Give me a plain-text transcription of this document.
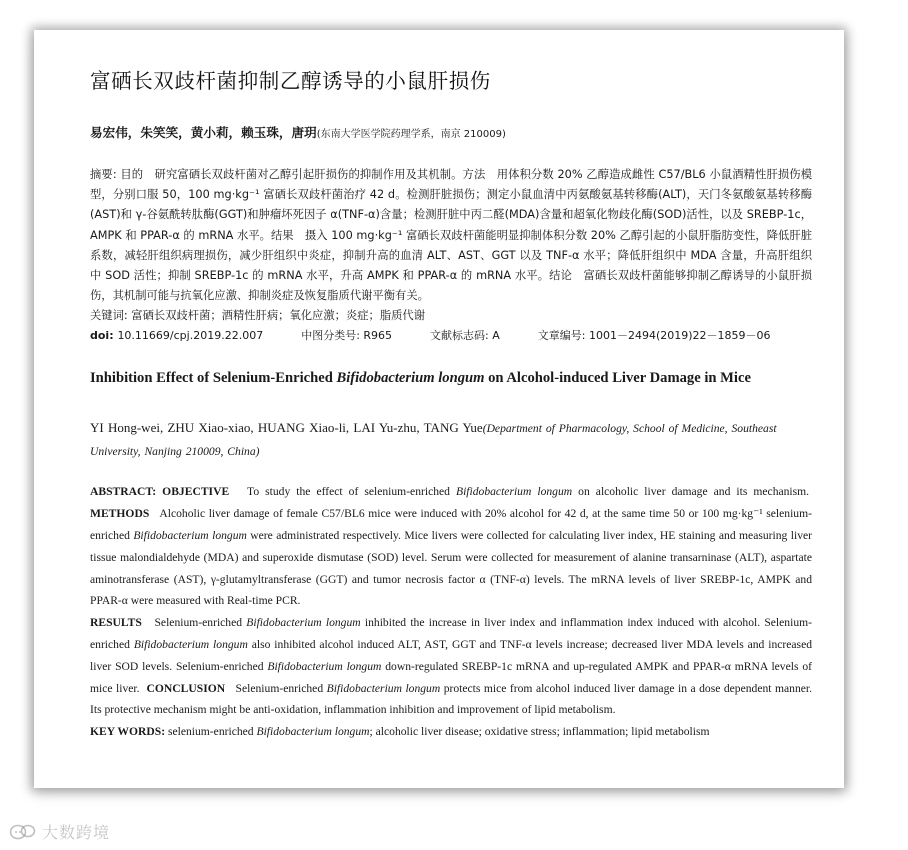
富硒长双歧杆菌抑制乙醇诱导的小鼠肝损伤

易宏伟，朱笑笑，黄小莉，赖玉珠，唐玥(东南大学医学院药理学系，南京 210009)

摘要: 目的　研究富硒长双歧杆菌对乙醇引起肝损伤的抑制作用及其机制。方法　用体积分数 20% 乙醇造成雌性 C57/BL6 小鼠酒精性肝损伤模型，分别口服 50，100 mg·kg⁻¹ 富硒长双歧杆菌治疗 42 d。检测肝脏损伤；测定小鼠血清中丙氨酸氨基转移酶(ALT)，天门冬氨酸氨基转移酶(AST)和 γ-谷氨酰转肽酶(GGT)和肿瘤坏死因子 α(TNF-α)含量；检测肝脏中丙二醛(MDA)含量和超氧化物歧化酶(SOD)活性，以及 SREBP-1c，AMPK 和 PPAR-α 的 mRNA 水平。结果　摄入 100 mg·kg⁻¹ 富硒长双歧杆菌能明显抑制体积分数 20% 乙醇引起的小鼠肝脂肪变性，降低肝脏系数，减轻肝组织病理损伤，减少肝组织中炎症，抑制升高的血清 ALT、AST、GGT 以及 TNF-α 水平；降低肝组织中 MDA 含量，升高肝组织中 SOD 活性；抑制 SREBP-1c 的 mRNA 水平，升高 AMPK 和 PPAR-α 的 mRNA 水平。结论　富硒长双歧杆菌能够抑制乙醇诱导的小鼠肝损伤，其机制可能与抗氧化应激、抑制炎症及恢复脂质代谢平衡有关。

关键词: 富硒长双歧杆菌；酒精性肝病；氧化应激；炎症；脂质代谢

doi: 10.11669/cpj.2019.22.007	中图分类号: R965	文献标志码: A	文章编号: 1001－2494(2019)22－1859－06

Inhibition Effect of Selenium-Enriched Bifidobacterium longum on Alcohol-induced Liver Damage in Mice

YI Hong-wei, ZHU Xiao-xiao, HUANG Xiao-li, LAI Yu-zhu, TANG Yue(Department of Pharmacology, School of Medicine, Southeast University, Nanjing 210009, China)

ABSTRACT: OBJECTIVE To study the effect of selenium-enriched Bifidobacterium longum on alcoholic liver damage and its mechanism.  METHODS Alcoholic liver damage of female C57/BL6 mice were induced with 20% alcohol for 42 d, at the same time 50 or 100 mg·kg⁻¹ selenium-enriched Bifidobacterium longum were administrated respectively. Mice livers were collected for calculating liver index, HE staining and measuring liver tissue malondialdehyde (MDA) and superoxide dismutase (SOD) level. Serum were collected for measurement of alanine transarninase (ALT), aspartate aminotransferase (AST), γ-glutamyltransferase (GGT) and tumor necrosis factor α (TNF-α) levels. The mRNA levels of liver SREBP-1c, AMPK and PPAR-α were measured with Real-time PCR.
RESULTS Selenium-enriched Bifidobacterium longum inhibited the increase in liver index and inflammation index induced with alcohol. Selenium-enriched Bifidobacterium longum also inhibited alcohol induced ALT, AST, GGT and TNF-α levels increase; decreased liver MDA levels and increased liver SOD levels. Selenium-enriched Bifidobacterium longum down-regulated SREBP-1c mRNA and up-regulated AMPK and PPAR-α mRNA levels of mice liver. CONCLUSION Selenium-enriched Bifidobacterium longum protects mice from alcohol induced liver damage in a dose dependent manner. Its protective mechanism might be anti-oxidation, inflammation inhibition and improvement of lipid metabolism.

KEY WORDS: selenium-enriched Bifidobacterium longum; alcoholic liver disease; oxidative stress; inflammation; lipid metabolism

大数跨境
